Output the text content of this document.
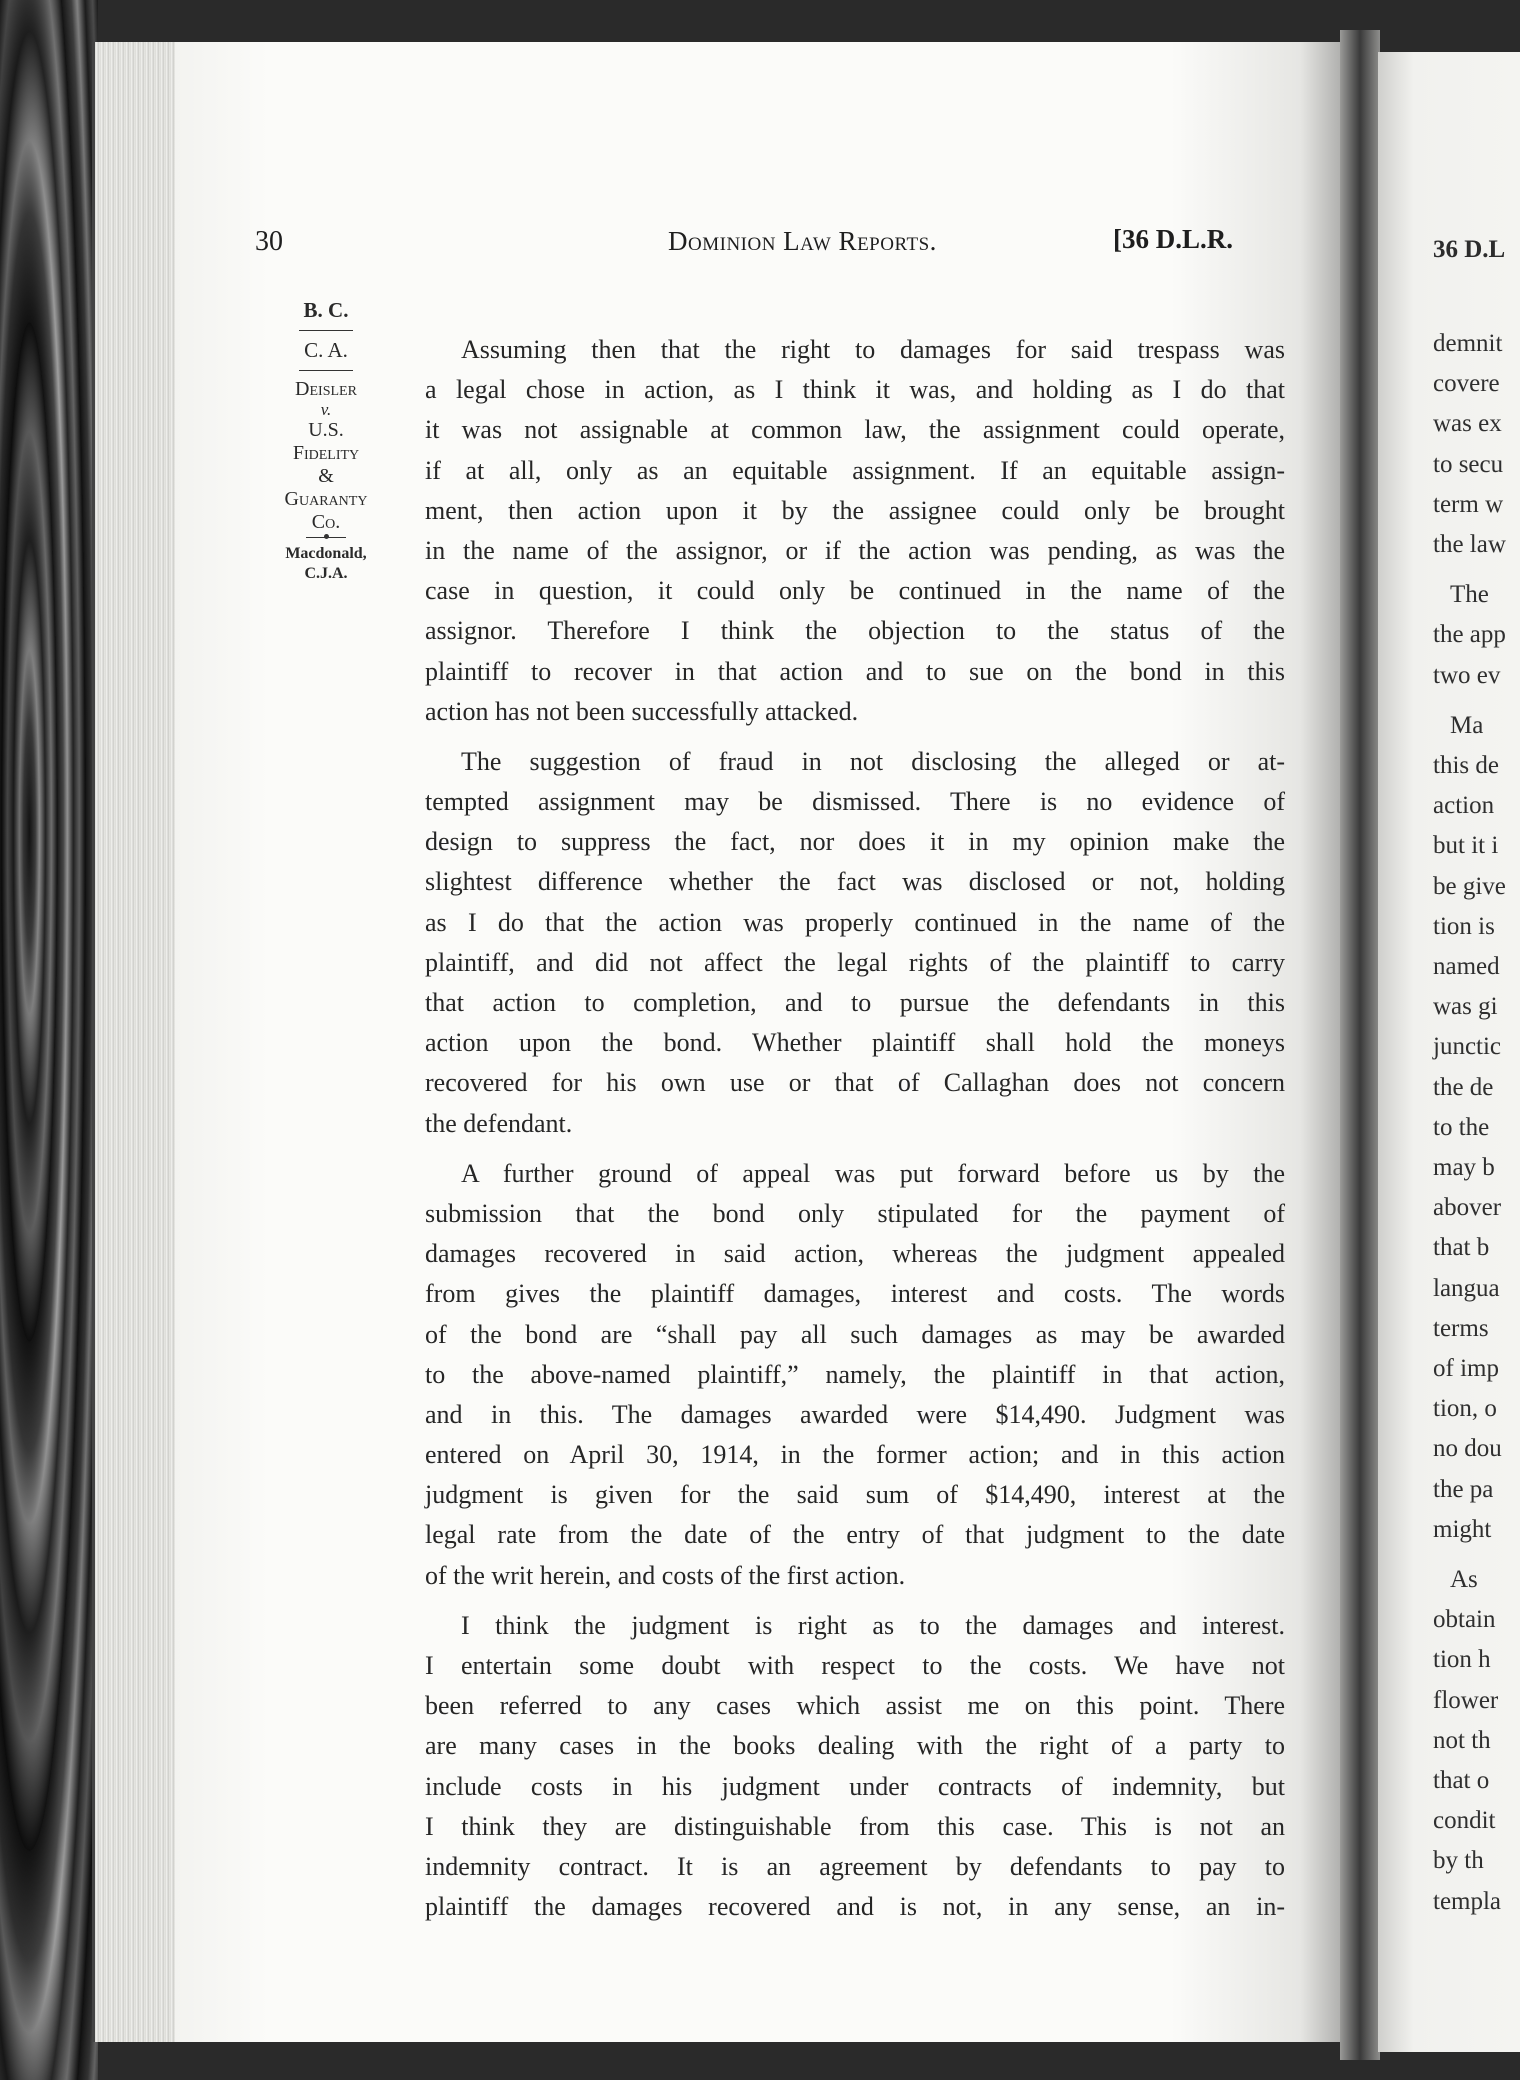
36 D.L
demnit
covere
was ex
to secu
term w
the law
The
the app
two ev
Ma
this de
action
but it i
be give
tion is
named
was gi
junctic
the de
to the
may b
abover
that b
langua
terms
of imp
tion, o
no dou
the pa
might
As
obtain
tion h
flower
not th
that o
condit
by th
templa
30	Dominion Law Reports.	[36 D.L.R.
B. C.
C. A.
Deisler
v.
U.S.
Fidelity
&
Guaranty
Co.
Macdonald,
C.J.A.
Assuming then that the right to damages for said trespass was
a legal chose in action, as I think it was, and holding as I do that
it was not assignable at common law, the assignment could operate,
if at all, only as an equitable assignment. If an equitable assign-
ment, then action upon it by the assignee could only be brought
in the name of the assignor, or if the action was pending, as was the
case in question, it could only be continued in the name of the
assignor. Therefore I think the objection to the status of the
plaintiff to recover in that action and to sue on the bond in this
action has not been successfully attacked.
The suggestion of fraud in not disclosing the alleged or at-
tempted assignment may be dismissed. There is no evidence of
design to suppress the fact, nor does it in my opinion make the
slightest difference whether the fact was disclosed or not, holding
as I do that the action was properly continued in the name of the
plaintiff, and did not affect the legal rights of the plaintiff to carry
that action to completion, and to pursue the defendants in this
action upon the bond. Whether plaintiff shall hold the moneys
recovered for his own use or that of Callaghan does not concern
the defendant.
A further ground of appeal was put forward before us by the
submission that the bond only stipulated for the payment of
damages recovered in said action, whereas the judgment appealed
from gives the plaintiff damages, interest and costs. The words
of the bond are “shall pay all such damages as may be awarded
to the above-named plaintiff,” namely, the plaintiff in that action,
and in this. The damages awarded were $14,490. Judgment was
entered on April 30, 1914, in the former action; and in this action
judgment is given for the said sum of $14,490, interest at the
legal rate from the date of the entry of that judgment to the date
of the writ herein, and costs of the first action.
I think the judgment is right as to the damages and interest.
I entertain some doubt with respect to the costs. We have not
been referred to any cases which assist me on this point. There
are many cases in the books dealing with the right of a party to
include costs in his judgment under contracts of indemnity, but
I think they are distinguishable from this case. This is not an
indemnity contract. It is an agreement by defendants to pay to
plaintiff the damages recovered and is not, in any sense, an in-
